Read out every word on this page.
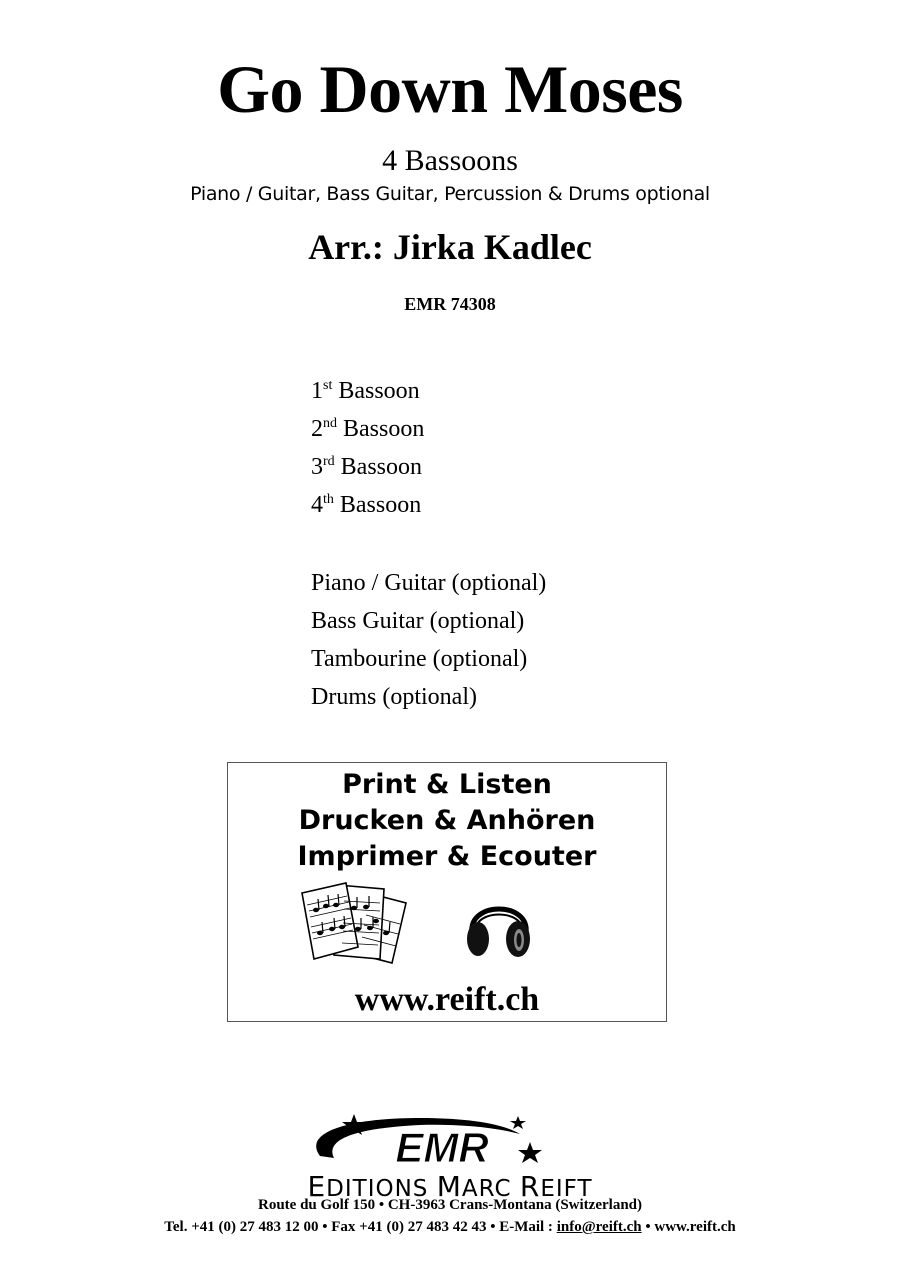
Go Down Moses
4 Bassoons
Piano / Guitar, Bass Guitar, Percussion & Drums optional
Arr.: Jirka Kadlec
EMR 74308
1st Bassoon
2nd Bassoon
3rd Bassoon
4th Bassoon
Piano / Guitar (optional)
Bass Guitar (optional)
Tambourine (optional)
Drums (optional)
Print & Listen
Drucken & Anhören
Imprimer & Ecouter
www.reift.ch
EMR
EDITIONS MARC REIFT
Route du Golf 150 • CH-3963 Crans-Montana (Switzerland)
Tel. +41 (0) 27 483 12 00 • Fax +41 (0) 27 483 42 43 • E-Mail : info@reift.ch • www.reift.ch
